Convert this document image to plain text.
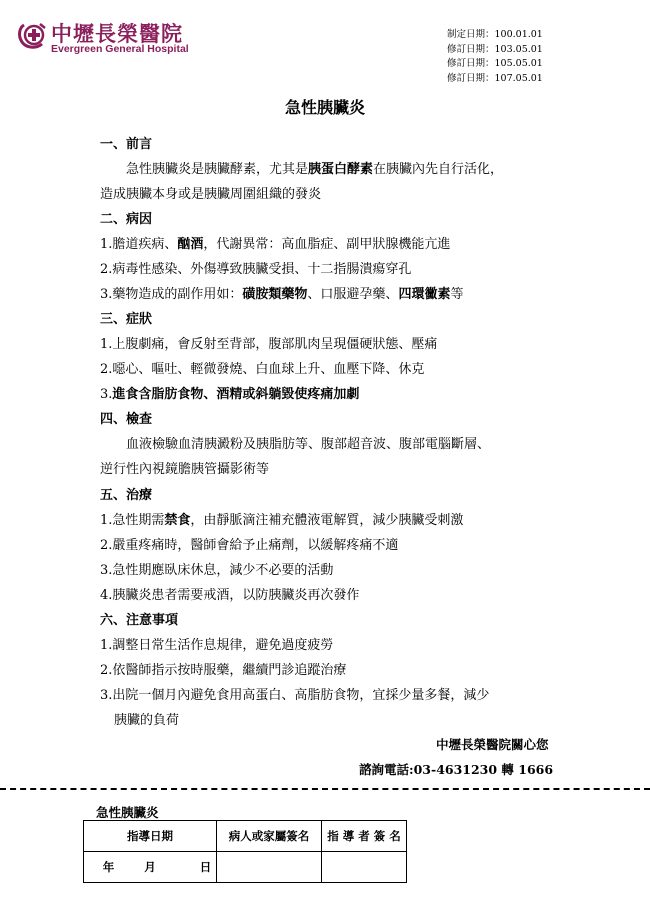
中壢長榮醫院
Evergreen General Hospital
制定日期：100.01.01
修訂日期：103.05.01
修訂日期：105.05.01
修訂日期：107.05.01
急性胰臟炎
一、前言
急性胰臟炎是胰臟酵素，尤其是胰蛋白酵素在胰臟內先自行活化，
造成胰臟本身或是胰臟周圍組織的發炎
二、病因
1.膽道疾病、酗酒，代謝異常：高血脂症、副甲狀腺機能亢進
2.病毒性感染、外傷導致胰臟受損、十二指腸潰瘍穿孔
3.藥物造成的副作用如：磺胺類藥物、口服避孕藥、四環黴素等
三、症狀
1.上腹劇痛，會反射至背部，腹部肌肉呈現僵硬狀態、壓痛
2.噁心、嘔吐、輕微發燒、白血球上升、血壓下降、休克
3.進食含脂肪食物、酒精或斜躺毀使疼痛加劇
四、檢查
血液檢驗血清胰澱粉及胰脂肪等、腹部超音波、腹部電腦斷層、
逆行性內視鏡膽胰管攝影術等
五、治療
1.急性期需禁食，由靜脈滴注補充體液電解質，減少胰臟受刺激
2.嚴重疼痛時，醫師會給予止痛劑，以緩解疼痛不適
3.急性期應臥床休息，減少不必要的活動
4.胰臟炎患者需要戒酒，以防胰臟炎再次發作
六、注意事項
1.調整日常生活作息規律，避免過度疲勞
2.依醫師指示按時服藥，繼續門診追蹤治療
3.出院一個月內避免食用高蛋白、高脂肪食物，宜採少量多餐，減少
胰臟的負荷
中壢長榮醫院關心您
諮詢電話:03-4631230 轉 1666
急性胰臟炎
指導日期	病人或家屬簽名	指 導 者 簽 名
年 月 日		
